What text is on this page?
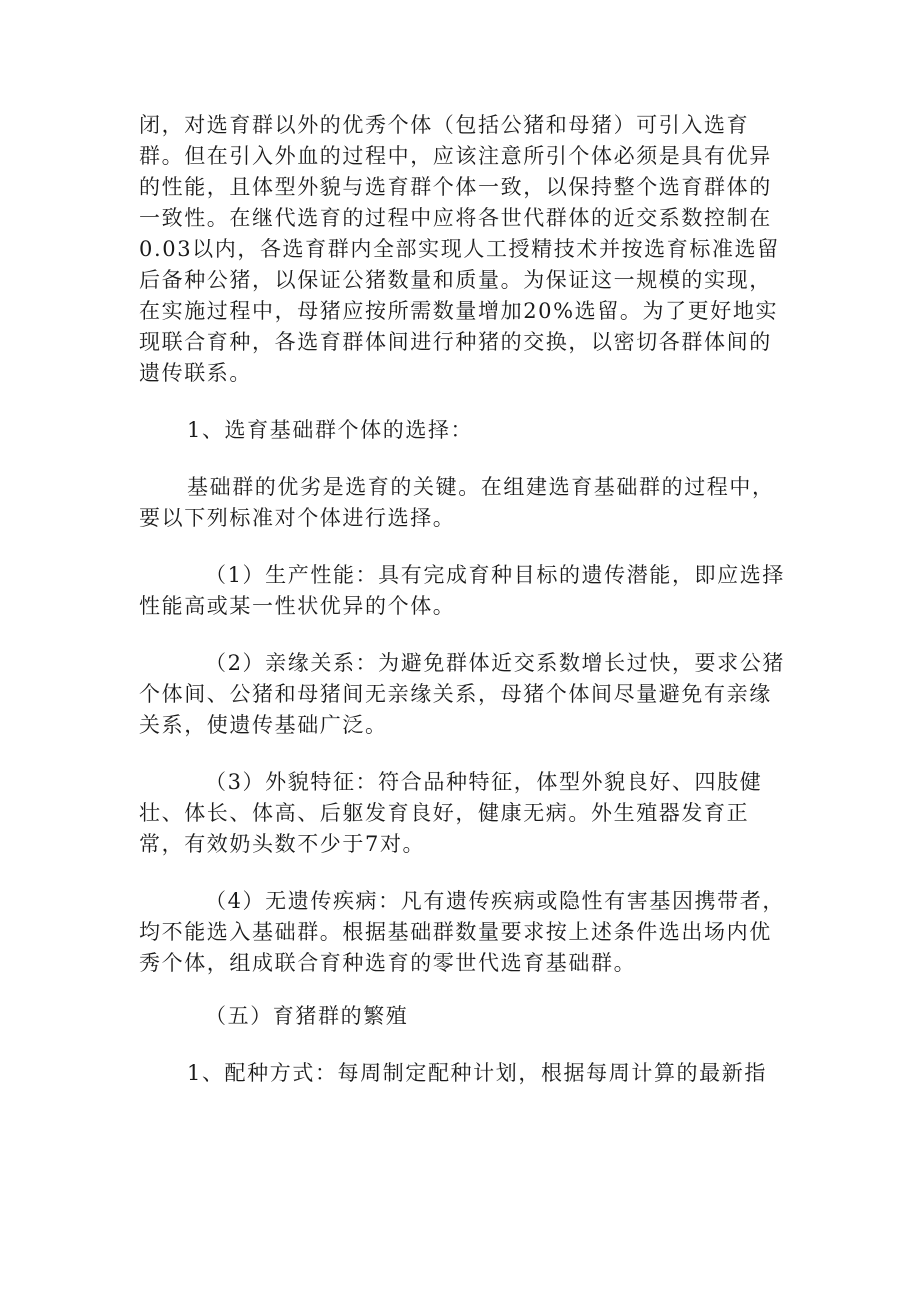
闭，对选育群以外的优秀个体（包括公猪和母猪）可引入选育群。但在引入外血的过程中，应该注意所引个体必须是具有优异的性能，且体型外貌与选育群个体一致，以保持整个选育群体的一致性。在继代选育的过程中应将各世代群体的近交系数控制在0.03以内，各选育群内全部实现人工授精技术并按选育标准选留后备种公猪，以保证公猪数量和质量。为保证这一规模的实现，在实施过程中，母猪应按所需数量增加20%选留。为了更好地实现联合育种，各选育群体间进行种猪的交换，以密切各群体间的遗传联系。

1、选育基础群个体的选择：

基础群的优劣是选育的关键。在组建选育基础群的过程中，要以下列标准对个体进行选择。

（1）生产性能：具有完成育种目标的遗传潜能，即应选择性能高或某一性状优异的个体。

（2）亲缘关系：为避免群体近交系数增长过快，要求公猪个体间、公猪和母猪间无亲缘关系，母猪个体间尽量避免有亲缘关系，使遗传基础广泛。

（3）外貌特征：符合品种特征，体型外貌良好、四肢健壮、体长、体高、后躯发育良好，健康无病。外生殖器发育正常，有效奶头数不少于7对。

（4）无遗传疾病：凡有遗传疾病或隐性有害基因携带者，均不能选入基础群。根据基础群数量要求按上述条件选出场内优秀个体，组成联合育种选育的零世代选育基础群。

（五）育猪群的繁殖

1、配种方式：每周制定配种计划，根据每周计算的最新指
